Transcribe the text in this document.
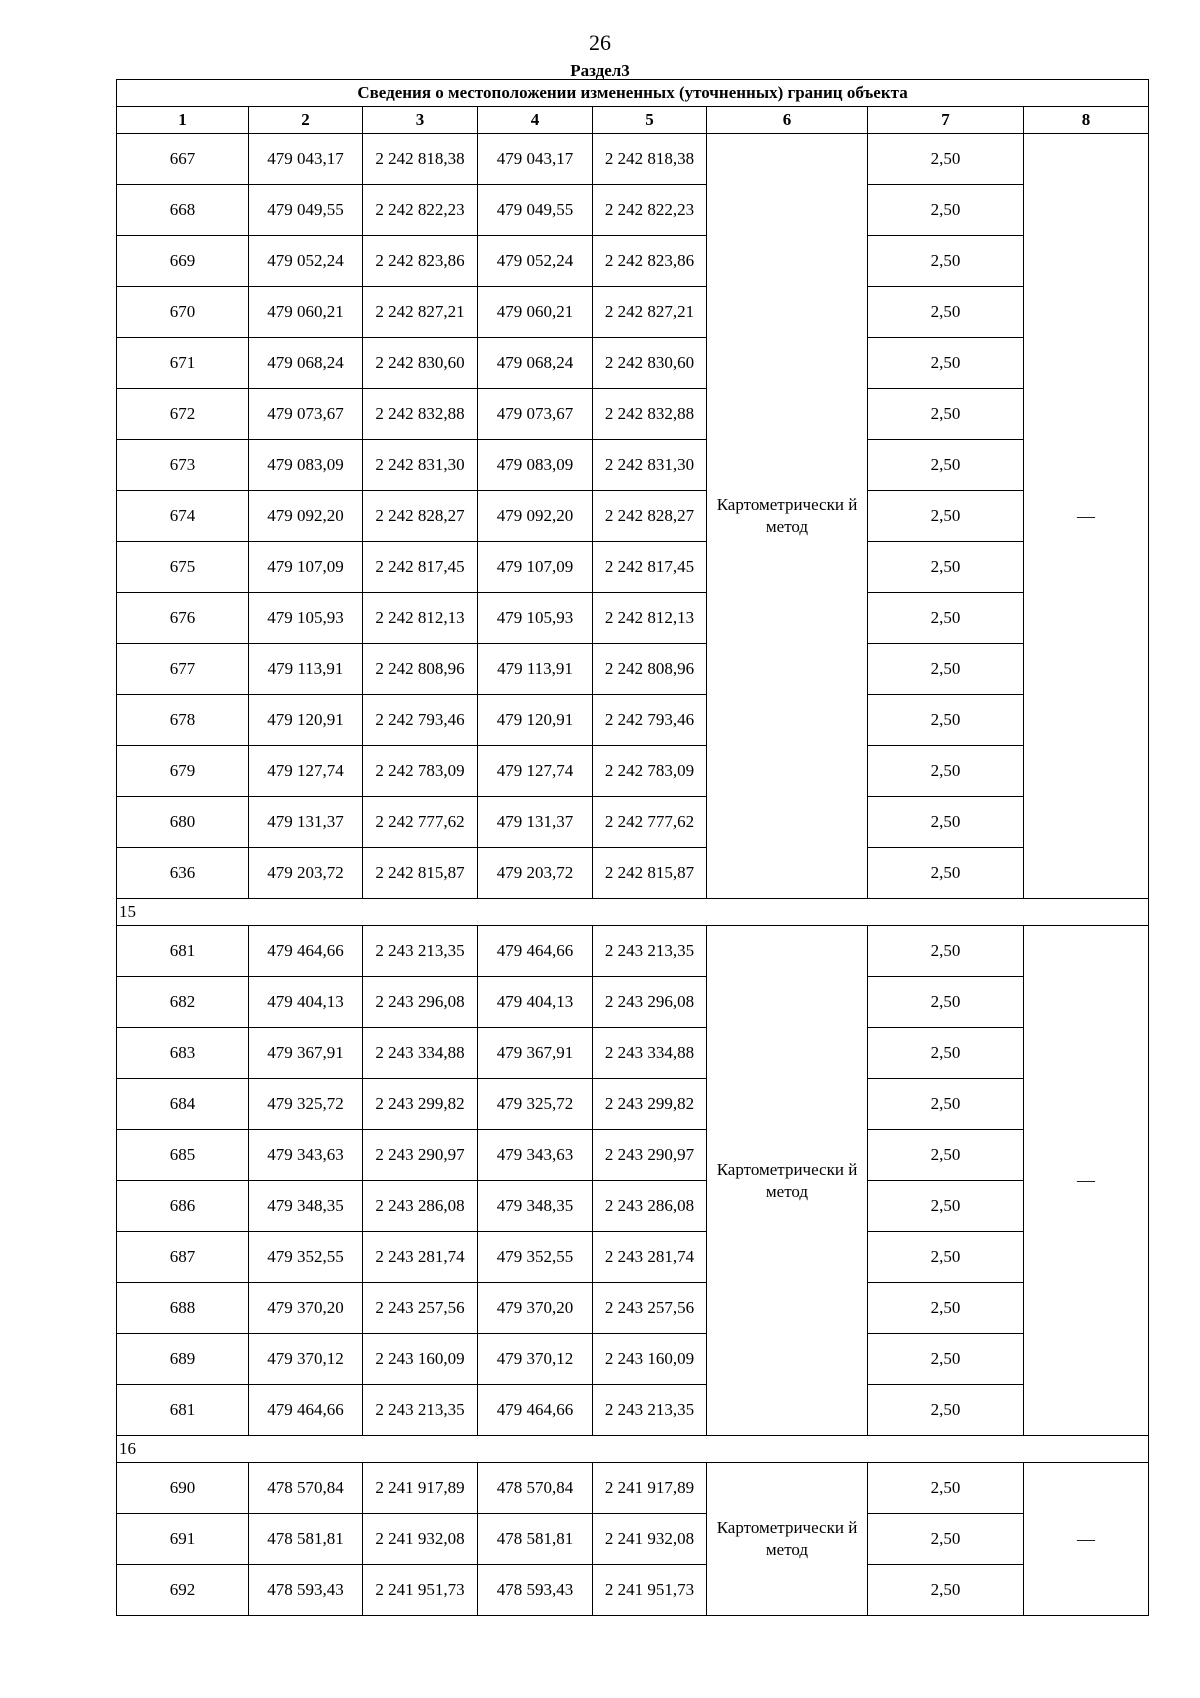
26
Раздел3
Сведения о местоположении измененных (уточненных) границ объекта							
1	2	3	4	5	6	7	8
667	479 043,17	2 242 818,38	479 043,17	2 242 818,38	Картометрически й метод	2,50	—
668	479 049,55	2 242 822,23	479 049,55	2 242 822,23		2,50	
669	479 052,24	2 242 823,86	479 052,24	2 242 823,86		2,50	
670	479 060,21	2 242 827,21	479 060,21	2 242 827,21		2,50	
671	479 068,24	2 242 830,60	479 068,24	2 242 830,60		2,50	
672	479 073,67	2 242 832,88	479 073,67	2 242 832,88		2,50	
673	479 083,09	2 242 831,30	479 083,09	2 242 831,30		2,50	
674	479 092,20	2 242 828,27	479 092,20	2 242 828,27		2,50	
675	479 107,09	2 242 817,45	479 107,09	2 242 817,45		2,50	
676	479 105,93	2 242 812,13	479 105,93	2 242 812,13		2,50	
677	479 113,91	2 242 808,96	479 113,91	2 242 808,96		2,50	
678	479 120,91	2 242 793,46	479 120,91	2 242 793,46		2,50	
679	479 127,74	2 242 783,09	479 127,74	2 242 783,09		2,50	
680	479 131,37	2 242 777,62	479 131,37	2 242 777,62		2,50	
636	479 203,72	2 242 815,87	479 203,72	2 242 815,87		2,50	
15							
681	479 464,66	2 243 213,35	479 464,66	2 243 213,35	Картометрически й метод	2,50	—
682	479 404,13	2 243 296,08	479 404,13	2 243 296,08		2,50	
683	479 367,91	2 243 334,88	479 367,91	2 243 334,88		2,50	
684	479 325,72	2 243 299,82	479 325,72	2 243 299,82		2,50	
685	479 343,63	2 243 290,97	479 343,63	2 243 290,97		2,50	
686	479 348,35	2 243 286,08	479 348,35	2 243 286,08		2,50	
687	479 352,55	2 243 281,74	479 352,55	2 243 281,74		2,50	
688	479 370,20	2 243 257,56	479 370,20	2 243 257,56		2,50	
689	479 370,12	2 243 160,09	479 370,12	2 243 160,09		2,50	
681	479 464,66	2 243 213,35	479 464,66	2 243 213,35		2,50	
16							
690	478 570,84	2 241 917,89	478 570,84	2 241 917,89	Картометрически й метод	2,50	—
691	478 581,81	2 241 932,08	478 581,81	2 241 932,08		2,50	
692	478 593,43	2 241 951,73	478 593,43	2 241 951,73		2,50	
